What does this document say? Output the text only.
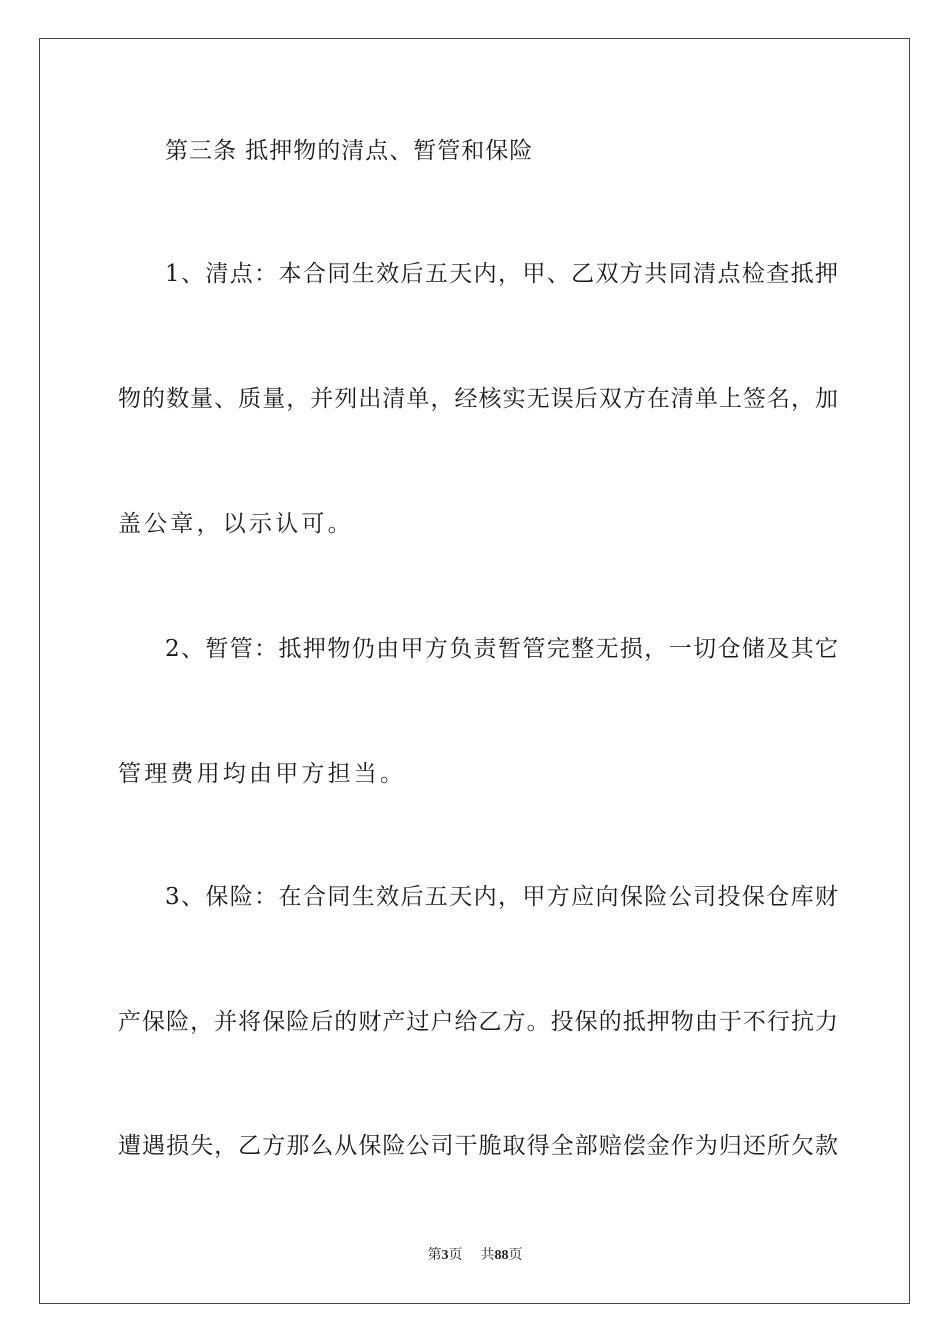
第三条 抵押物的清点、暂管和保险
1、清点：本合同生效后五天内，甲、乙双方共同清点检查抵押
物的数量、质量，并列出清单，经核实无误后双方在清单上签名，加
盖公章，以示认可。
2、暂管：抵押物仍由甲方负责暂管完整无损，一切仓储及其它
管理费用均由甲方担当。
3、保险：在合同生效后五天内，甲方应向保险公司投保仓库财
产保险，并将保险后的财产过户给乙方。投保的抵押物由于不行抗力
遭遇损失，乙方那么从保险公司干脆取得全部赔偿金作为归还所欠款
第3页 共88页
